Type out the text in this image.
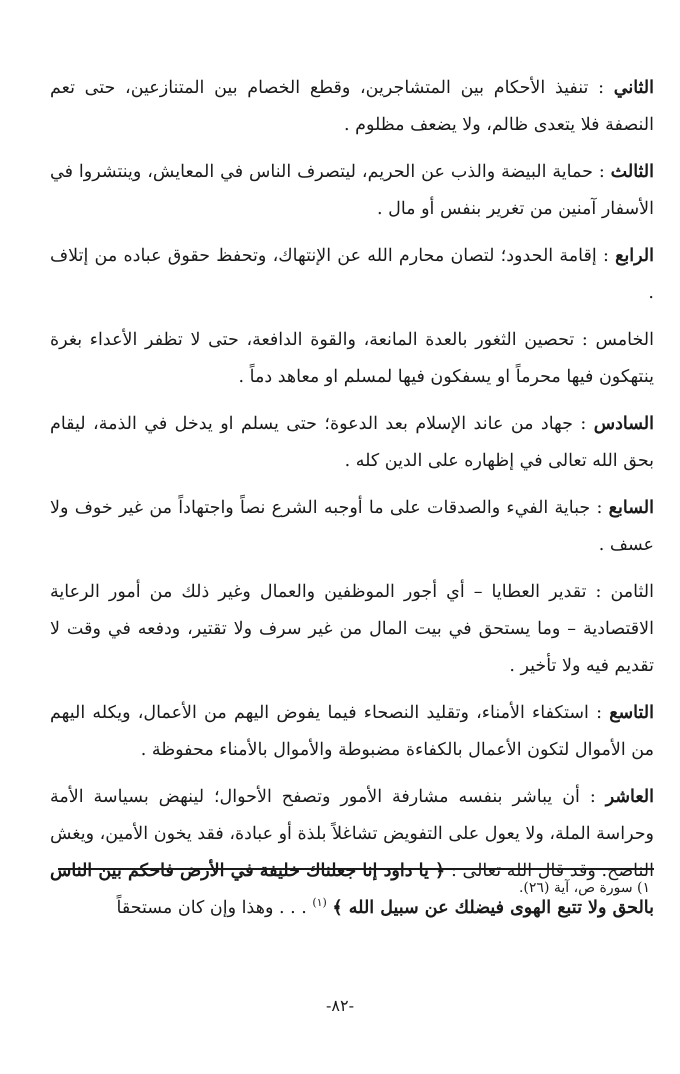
الثاني : تنفيذ الأحكام بين المتشاجرين، وقطع الخصام بين المتنازعين، حتى تعم النصفة فلا يتعدى ظالم، ولا يضعف مظلوم .

الثالث : حماية البيضة والذب عن الحريم، ليتصرف الناس في المعايش، وينتشروا في الأسفار آمنين من تغرير بنفس أو مال .

الرابع : إقامة الحدود؛ لتصان محارم الله عن الإنتهاك، وتحفظ حقوق عباده من إتلاف .

الخامس : تحصين الثغور بالعدة المانعة، والقوة الدافعة، حتى لا تظفر الأعداء بغرة ينتهكون فيها محرماً او يسفكون فيها لمسلم او معاهد دماً .

السادس : جهاد من عاند الإسلام بعد الدعوة؛ حتى يسلم او يدخل في الذمة، ليقام بحق الله تعالى في إظهاره على الدين كله .

السابع : جباية الفيء والصدقات على ما أوجبه الشرع نصاً واجتهاداً من غير خوف ولا عسف .

الثامن : تقدير العطايا – أي أجور الموظفين والعمال وغير ذلك من أمور الرعاية الاقتصادية – وما يستحق في بيت المال من غير سرف ولا تقتير، ودفعه في وقت لا تقديم فيه ولا تأخير .

التاسع : استكفاء الأمناء، وتقليد النصحاء فيما يفوض اليهم من الأعمال، ويكله اليهم من الأموال لتكون الأعمال بالكفاءة مضبوطة والأموال بالأمناء محفوظة .

العاشر : أن يباشر بنفسه مشارفة الأمور وتصفح الأحوال؛ لينهض بسياسة الأمة وحراسة الملة، ولا يعول على التفويض تشاغلاً بلذة أو عبادة، فقد يخون الأمين، ويغش الناصح. وقد قال الله تعالى : ﴿ يا داود إنا جعلناك خليفة في الأرض فاحكم بين الناس بالحق ولا تتبع الهوى فيضلك عن سبيل الله ﴾ $^{(١)}$ . . . وهذا وإن كان مستحقاً

١) سورة ص، آية (٢٦).
-٨٢-
